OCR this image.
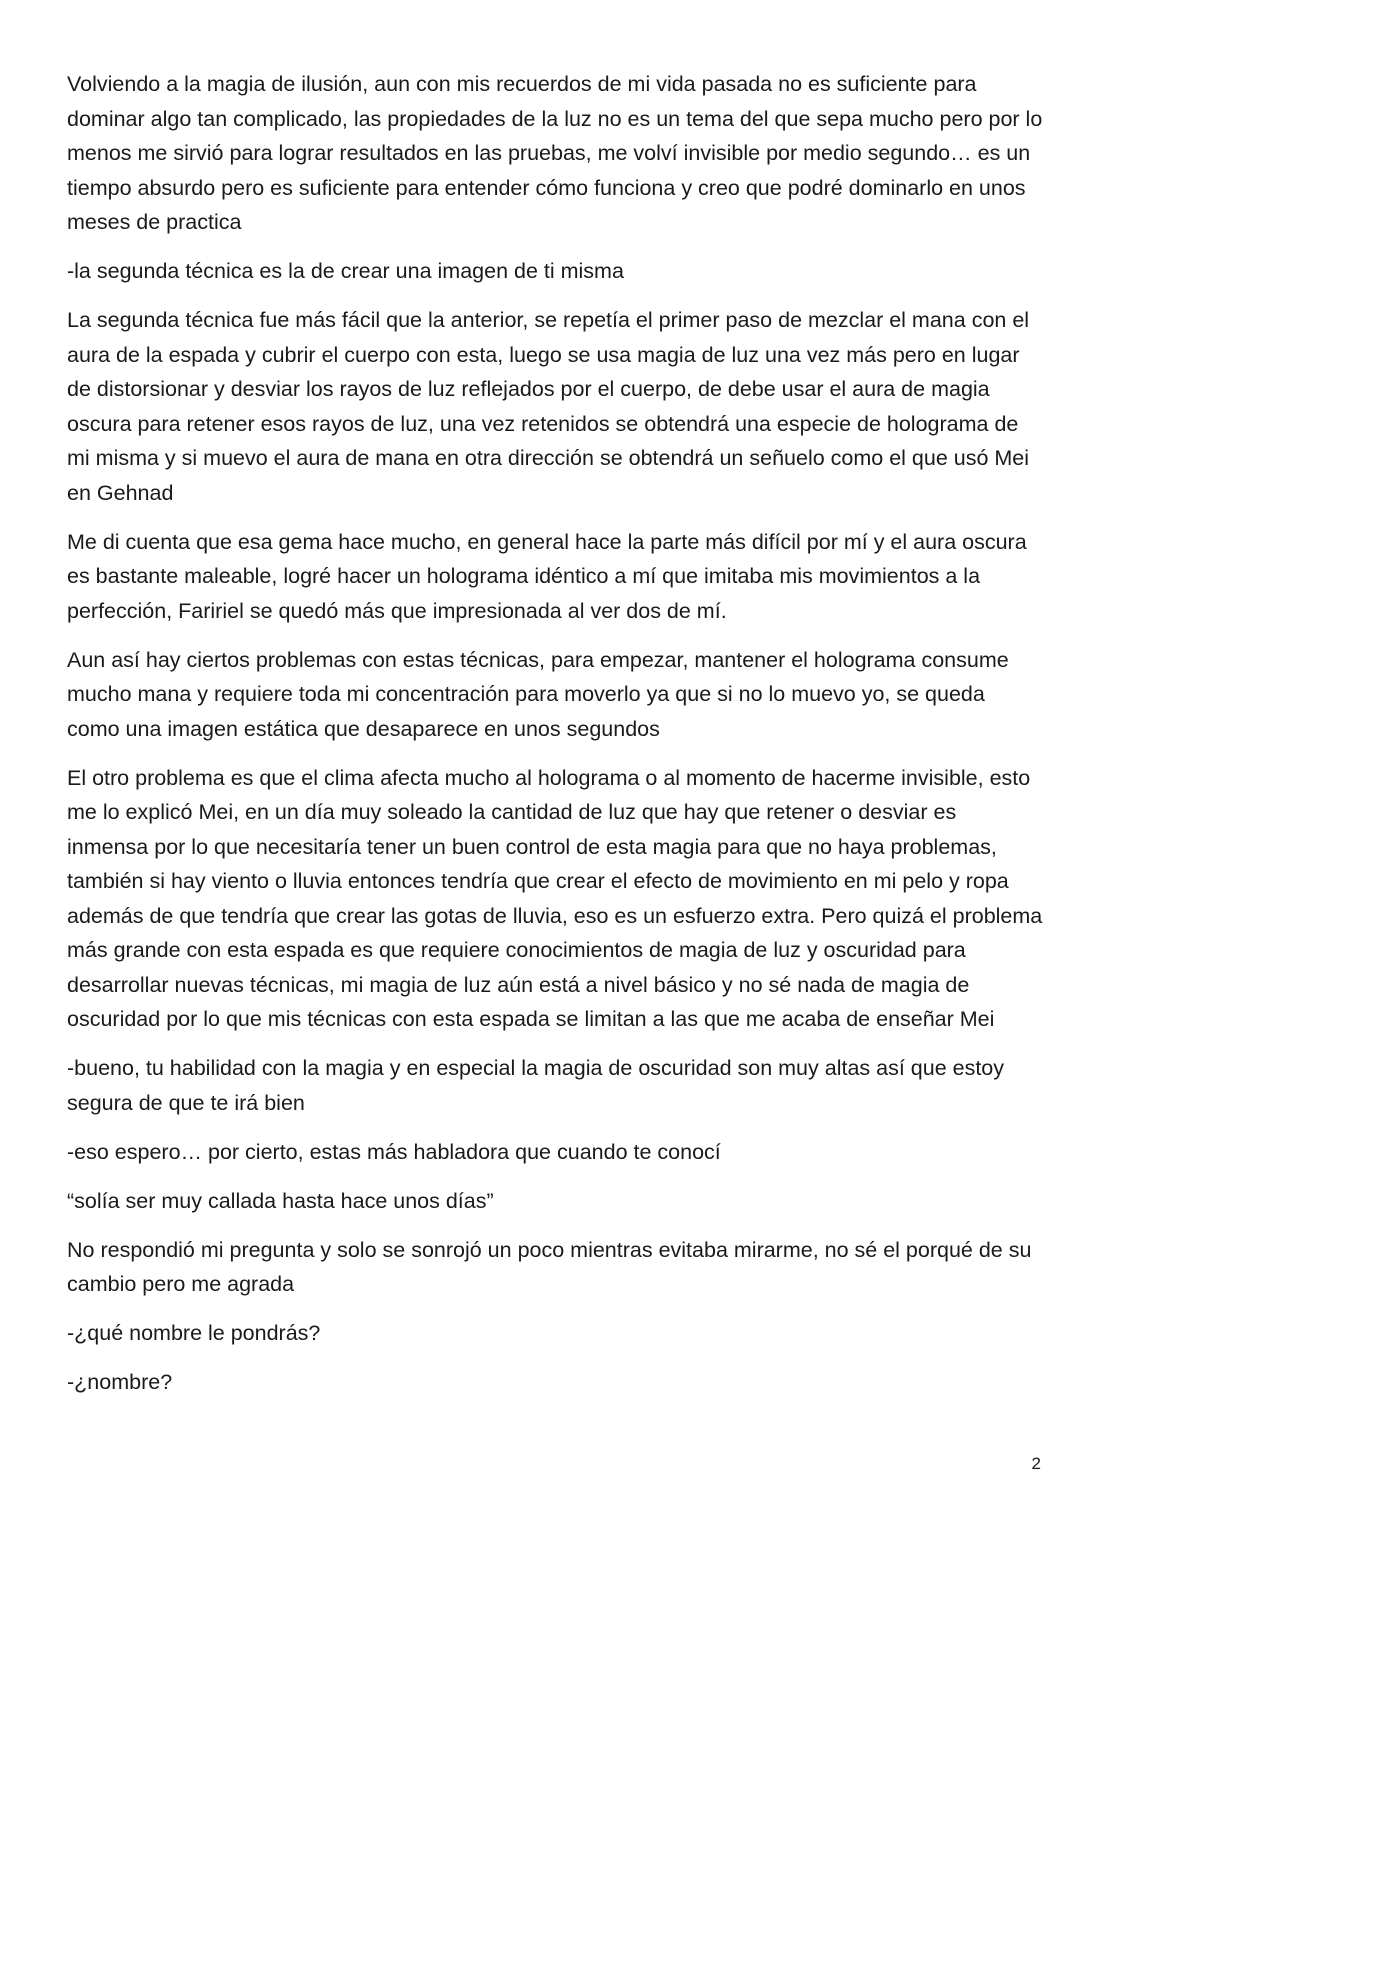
Volviendo a la magia de ilusión, aun con mis recuerdos de mi vida pasada no es suficiente para dominar algo tan complicado, las propiedades de la luz no es un tema del que sepa mucho pero por lo menos me sirvió para lograr resultados en las pruebas, me volví invisible por medio segundo… es un tiempo absurdo pero es suficiente para entender cómo funciona y creo que podré dominarlo en unos meses de practica

-la segunda técnica es la de crear una imagen de ti misma

La segunda técnica fue más fácil que la anterior, se repetía el primer paso de mezclar el mana con el aura de la espada y cubrir el cuerpo con esta, luego se usa magia de luz una vez más pero en lugar de distorsionar y desviar los rayos de luz reflejados por el cuerpo, de debe usar el aura de magia oscura para retener esos rayos de luz, una vez retenidos se obtendrá una especie de holograma de mi misma y si muevo el aura de mana en otra dirección se obtendrá un señuelo como el que usó Mei en Gehnad

Me di cuenta que esa gema hace mucho, en general hace la parte más difícil por mí y el aura oscura es bastante maleable, logré hacer un holograma idéntico a mí que imitaba mis movimientos a la perfección, Faririel se quedó más que impresionada al ver dos de mí.

Aun así hay ciertos problemas con estas técnicas, para empezar, mantener el holograma consume mucho mana y requiere toda mi concentración para moverlo ya que si no lo muevo yo, se queda como una imagen estática que desaparece en unos segundos

El otro problema es que el clima afecta mucho al holograma o al momento de hacerme invisible, esto me lo explicó Mei, en un día muy soleado la cantidad de luz que hay que retener o desviar es inmensa por lo que necesitaría tener un buen control de esta magia para que no haya problemas, también si hay viento o lluvia entonces tendría que crear el efecto de movimiento en mi pelo y ropa además de que tendría que crear las gotas de lluvia, eso es un esfuerzo extra. Pero quizá el problema más grande con esta espada es que requiere conocimientos de magia de luz y oscuridad para desarrollar nuevas técnicas, mi magia de luz aún está a nivel básico y no sé nada de magia de oscuridad por lo que mis técnicas con esta espada se limitan a las que me acaba de enseñar Mei

-bueno, tu habilidad con la magia y en especial la magia de oscuridad son muy altas así que estoy segura de que te irá bien

-eso espero… por cierto, estas más habladora que cuando te conocí

“solía ser muy callada hasta hace unos días”

No respondió mi pregunta y solo se sonrojó un poco mientras evitaba mirarme, no sé el porqué de su cambio pero me agrada

-¿qué nombre le pondrás?

-¿nombre?

2
